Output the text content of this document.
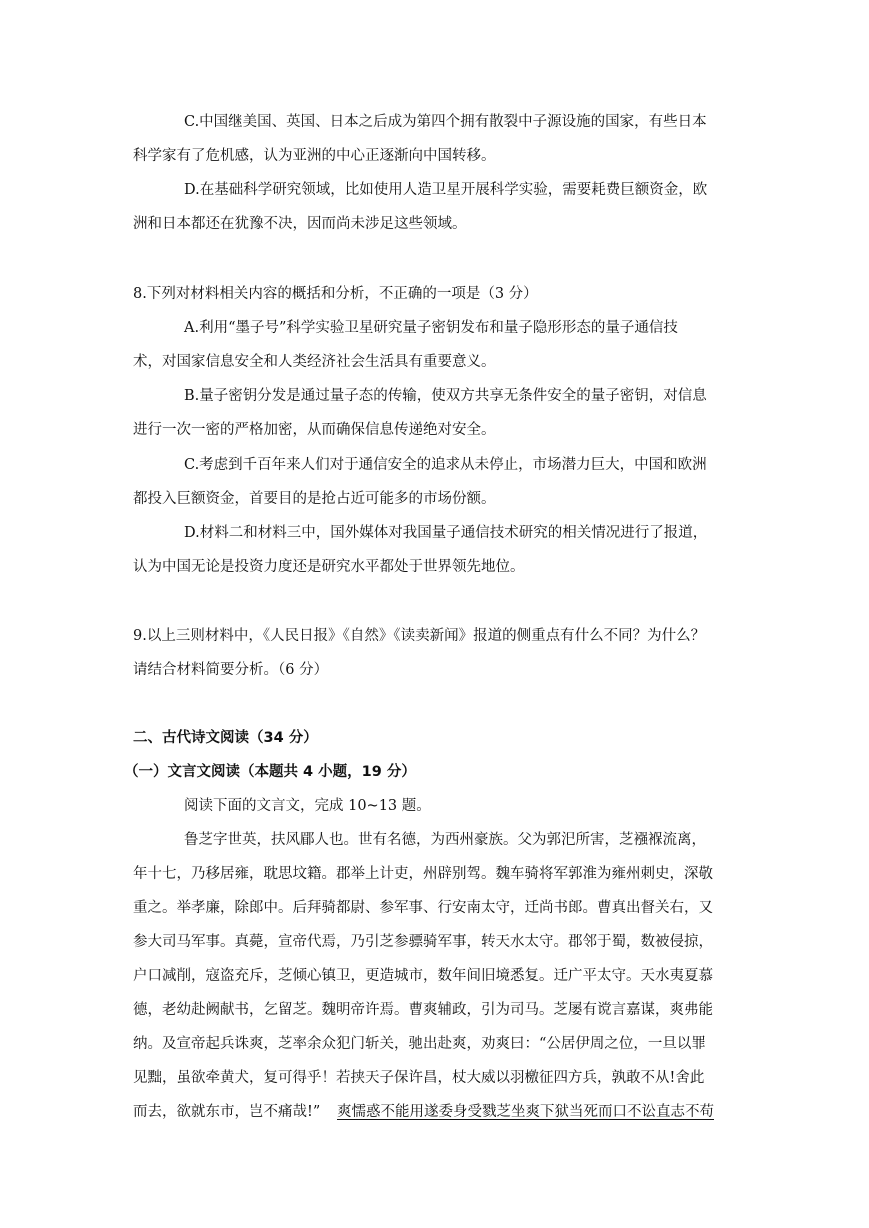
C.中国继美国、英国、日本之后成为第四个拥有散裂中子源设施的国家，有些日本
科学家有了危机感，认为亚洲的中心正逐渐向中国转移。
D.在基础科学研究领域，比如使用人造卫星开展科学实验，需要耗费巨额资金，欧
洲和日本都还在犹豫不决，因而尚未涉足这些领域。
8.下列对材料相关内容的概括和分析，不正确的一项是（3 分）
A.利用“墨子号”科学实验卫星研究量子密钥发布和量子隐形形态的量子通信技
术，对国家信息安全和人类经济社会生活具有重要意义。
B.量子密钥分发是通过量子态的传输，使双方共享无条件安全的量子密钥，对信息
进行一次一密的严格加密，从而确保信息传递绝对安全。
C.考虑到千百年来人们对于通信安全的追求从未停止，市场潜力巨大，中国和欧洲
都投入巨额资金，首要目的是抢占近可能多的市场份额。
D.材料二和材料三中，国外媒体对我国量子通信技术研究的相关情况进行了报道，
认为中国无论是投资力度还是研究水平都处于世界领先地位。
9.以上三则材料中，《人民日报》《自然》《读卖新闻》报道的侧重点有什么不同？为什么？
请结合材料简要分析。（6 分）
二、古代诗文阅读（34 分）
（一）文言文阅读（本题共 4 小题，19 分）
阅读下面的文言文，完成 10~13 题。
鲁芝字世英，扶风郿人也。世有名德，为西州豪族。父为郭汜所害，芝襁褓流离，
年十七，乃移居雍，耽思坟籍。郡举上计吏，州辟别驾。魏车骑将军郭淮为雍州刺史，深敬
重之。举孝廉，除郎中。后拜骑都尉、参军事、行安南太守，迁尚书郎。曹真出督关右，又
参大司马军事。真薨，宣帝代焉，乃引芝参骠骑军事，转天水太守。郡邻于蜀，数被侵掠，
户口减削，寇盗充斥，芝倾心镇卫，更造城市，数年间旧境悉复。迁广平太守。天水夷夏慕
德，老幼赴阙献书，乞留芝。魏明帝许焉。曹爽辅政，引为司马。芝屡有谠言嘉谋，爽弗能
纳。及宣帝起兵诛爽，芝率余众犯门斩关，驰出赴爽，劝爽曰：“公居伊周之位，一旦以罪
见黜，虽欲牵黄犬，复可得乎！若挟天子保许昌，杖大威以羽檄征四方兵，孰敢不从!舍此
而去，欲就东市，岂不痛哉!” 爽懦惑不能用遂委身受戮芝坐爽下狱当死而口不讼直志不苟
